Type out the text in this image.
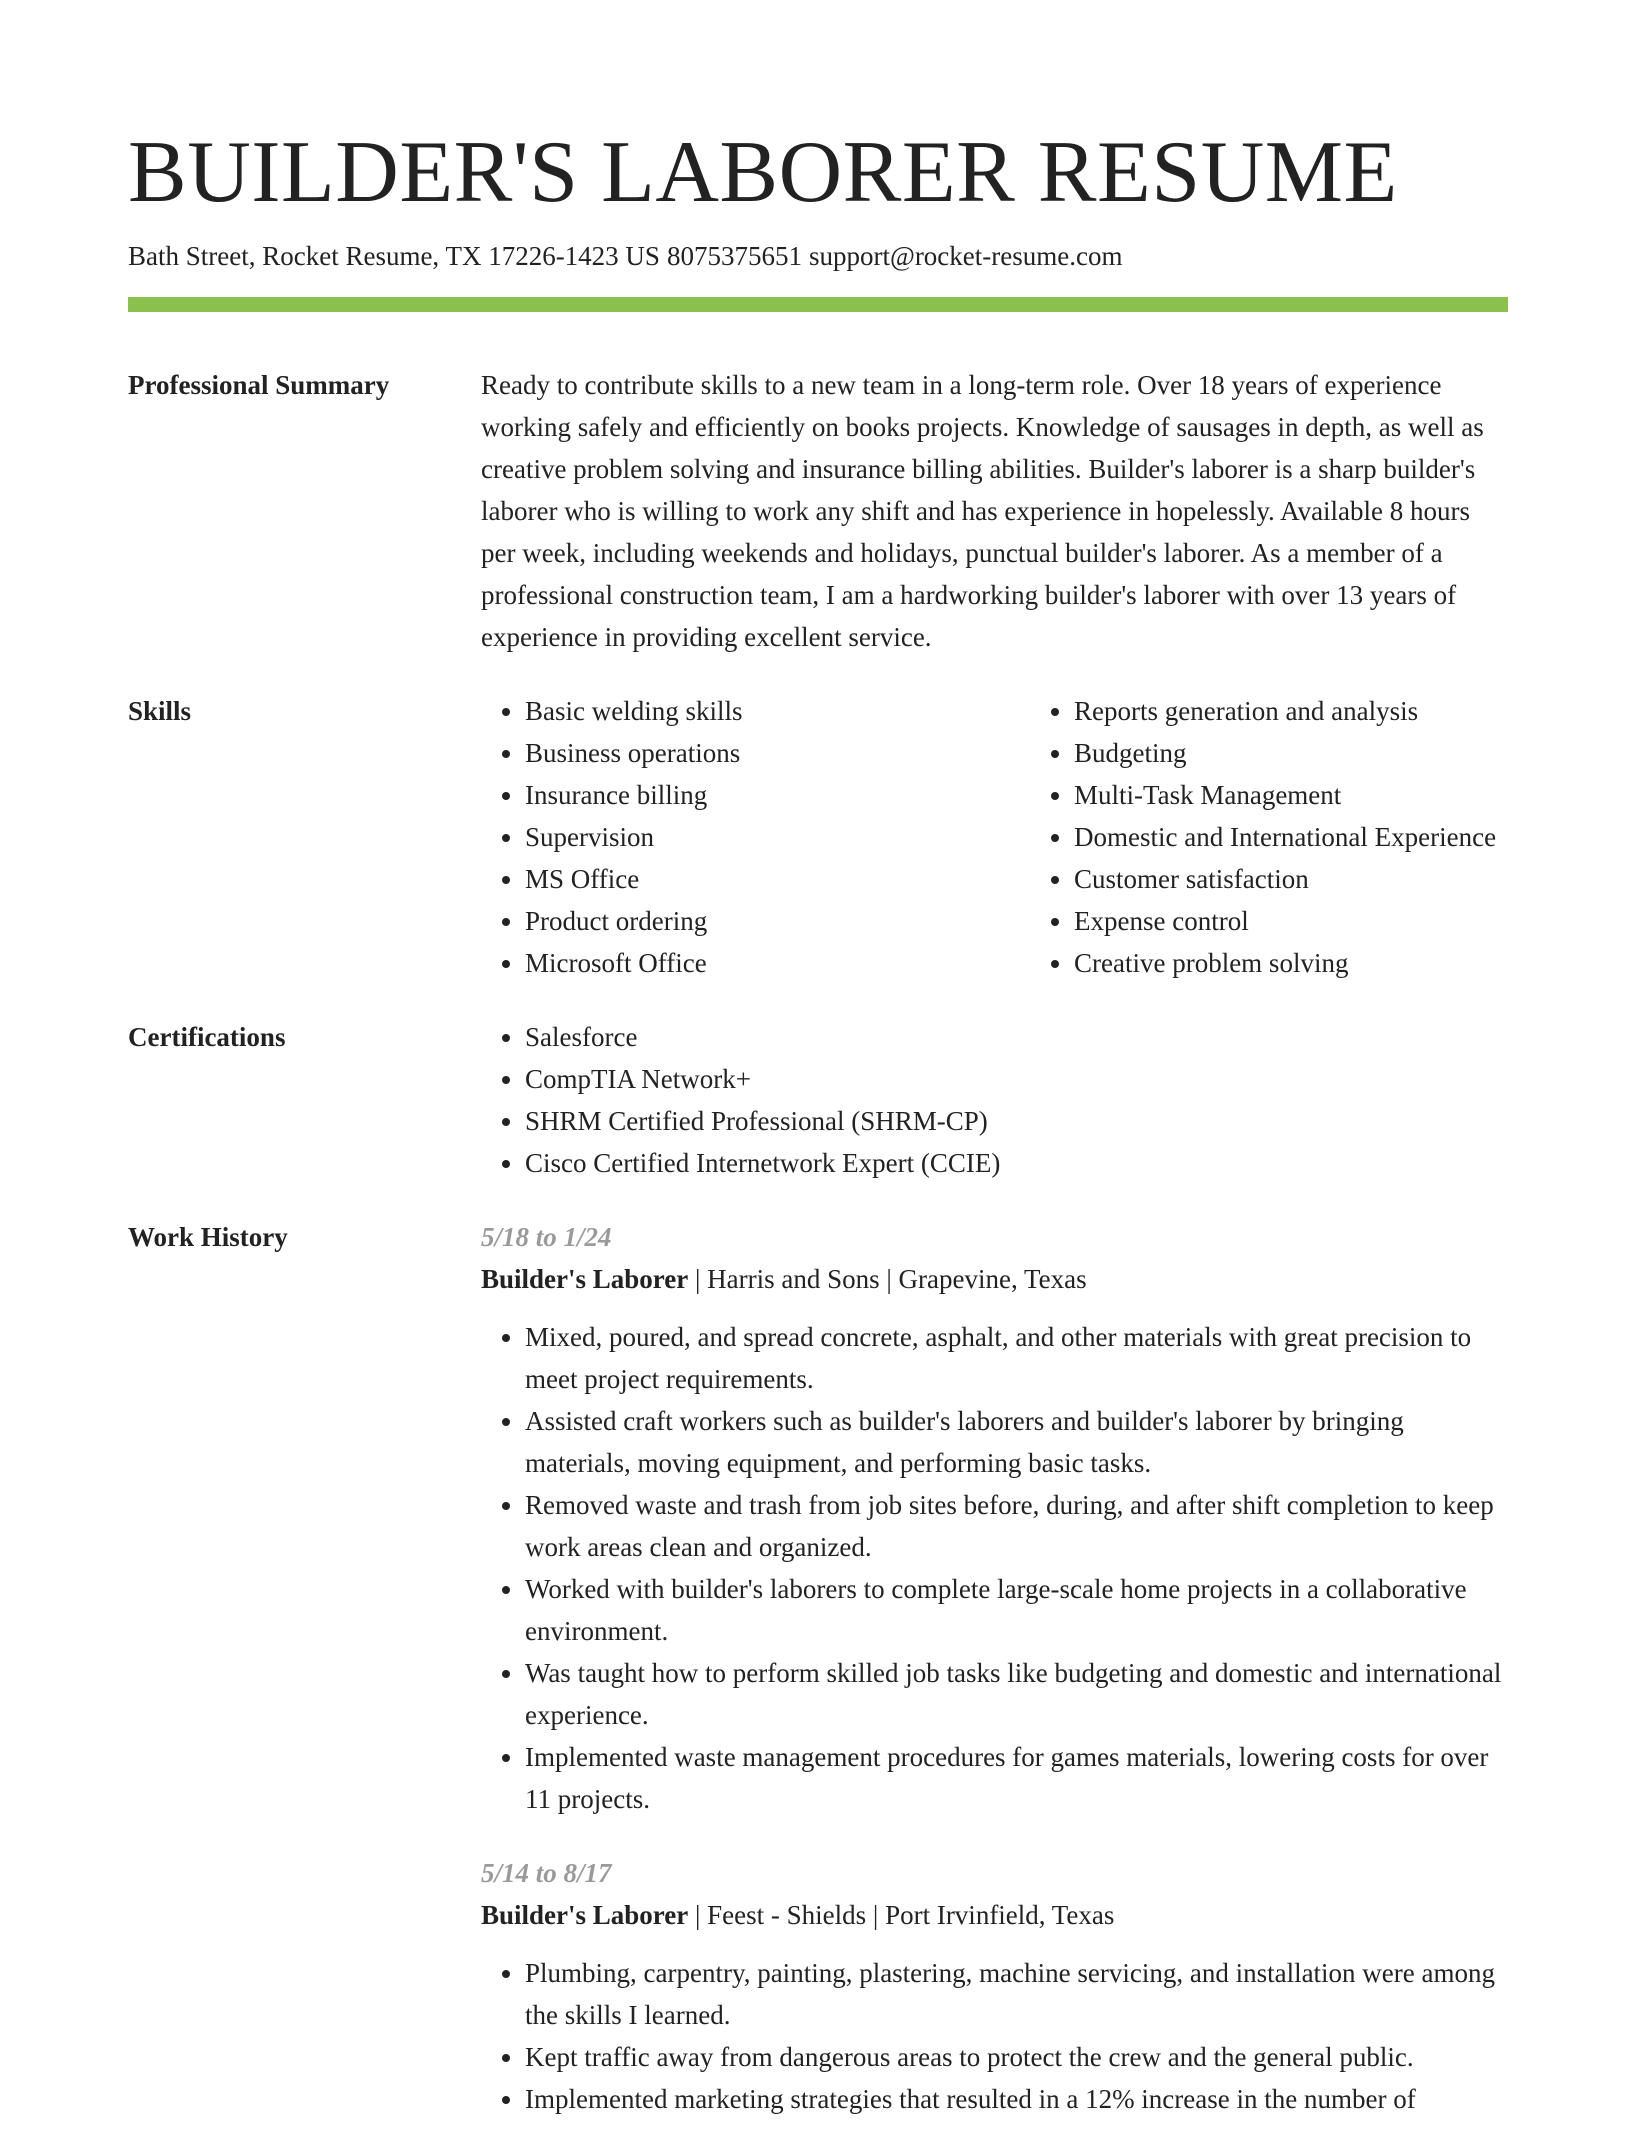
BUILDER'S LABORER RESUME
Bath Street, Rocket Resume, TX 17226-1423 US 8075375651 support@rocket-resume.com
Professional Summary	Ready to contribute skills to a new team in a long-term role. Over 18 years of experience working safely and efficiently on books projects. Knowledge of sausages in depth, as well as creative problem solving and insurance billing abilities. Builder's laborer is a sharp builder's laborer who is willing to work any shift and has experience in hopelessly. Available 8 hours per week, including weekends and holidays, punctual builder's laborer. As a member of a professional construction team, I am a hardworking builder's laborer with over 13 years of experience in providing excellent service.
Skills	• Basic welding skills
• Business operations
• Insurance billing
• Supervision
• MS Office
• Product ordering
• Microsoft Office
• Reports generation and analysis
• Budgeting
• Multi-Task Management
• Domestic and International Experience
• Customer satisfaction
• Expense control
• Creative problem solving
Certifications	• Salesforce
• CompTIA Network+
• SHRM Certified Professional (SHRM-CP)
• Cisco Certified Internetwork Expert (CCIE)
Work History	5/18 to 1/24
Builder's Laborer | Harris and Sons | Grapevine, Texas
• Mixed, poured, and spread concrete, asphalt, and other materials with great precision to meet project requirements.
• Assisted craft workers such as builder's laborers and builder's laborer by bringing materials, moving equipment, and performing basic tasks.
• Removed waste and trash from job sites before, during, and after shift completion to keep work areas clean and organized.
• Worked with builder's laborers to complete large-scale home projects in a collaborative environment.
• Was taught how to perform skilled job tasks like budgeting and domestic and international experience.
• Implemented waste management procedures for games materials, lowering costs for over 11 projects.
5/14 to 8/17
Builder's Laborer | Feest - Shields | Port Irvinfield, Texas
• Plumbing, carpentry, painting, plastering, machine servicing, and installation were among the skills I learned.
• Kept traffic away from dangerous areas to protect the crew and the general public.
• Implemented marketing strategies that resulted in a 12% increase in the number of
